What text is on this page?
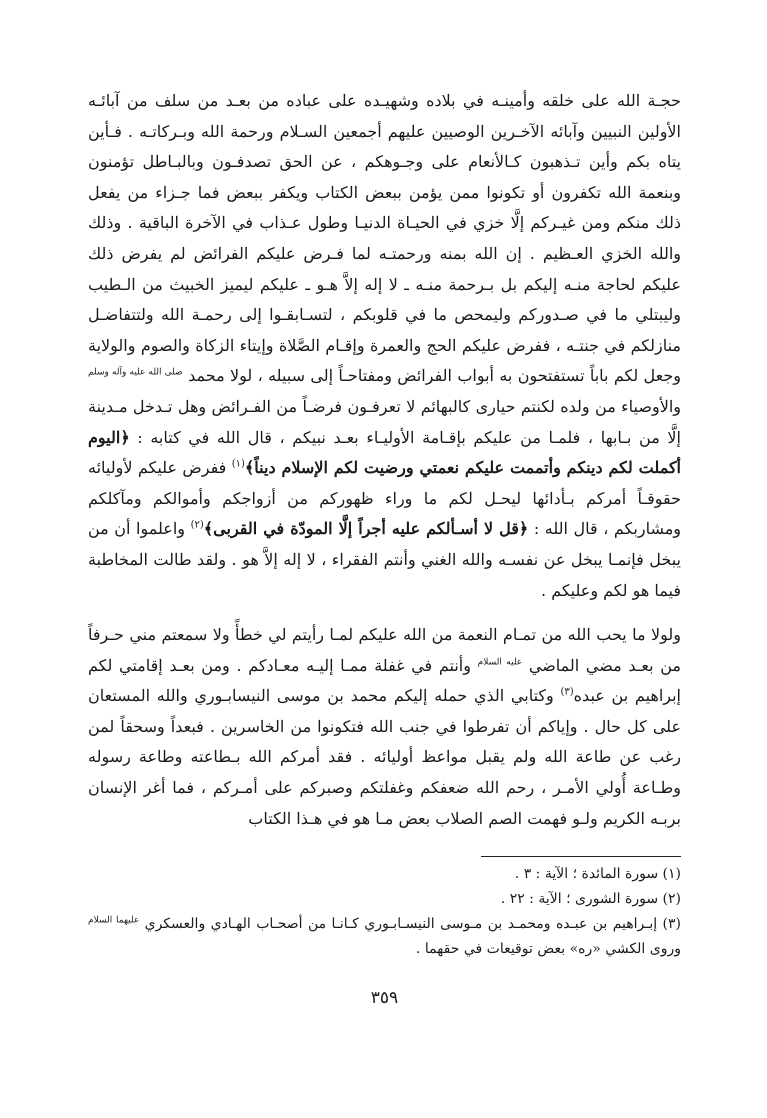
حجـة الله على خلقه وأمينـه في بلاده وشهيـده على عباده من بعـد من سلف من آبائـه الأولين النبيين وآبائه الآخـرين الوصيين عليهم أجمعين السـلام ورحمة الله وبـركاتـه . فـأين يتاه بكم وأين تـذهبون كـالأنعام على وجـوهكم ، عن الحق تصدفـون وبالبـاطل تؤمنون وبنعمة الله تكفرون أو تكونوا ممن يؤمن ببعض الكتاب ويكفر ببعض فما جـزاء من يفعل ذلك منكم ومن غيـركم إلَّا خزي في الحيـاة الدنيـا وطول عـذاب في الآخرة الباقية . وذلك والله الخزي العـظيم . إن الله بمنه ورحمتـه لما فـرض عليكم الفرائض لم يفرض ذلك عليكم لحاجة منـه إليكم بل بـرحمة منـه ـ لا إله إلاَّ هـو ـ عليكم ليميز الخبيث من الـطيب وليبتلي ما في صـدوركم وليمحص ما في قلوبكم ، لتسـابقـوا إلى رحمـة الله ولتتفاضـل منازلكم في جنتـه ، ففرض عليكم الحج والعمرة وإقـام الصَّلاة وإيتاء الزكاة والصوم والولاية وجعل لكم باباً تستفتحون به أبواب الفرائض ومفتاحـاً إلى سبيله ، لولا محمد $^{صلى الله عليه وآله وسلم}$ والأوصياء من ولده لكنتم حيارى كالبهائم لا تعرفـون فرضـاً من الفـرائض وهل تـدخل مـدينة إلَّا من بـابها ، فلمـا من عليكم بإقـامة الأوليـاء بعـد نبيكم ، قال الله في كتابه : ﴿اليوم أكملت لكم دينكم وأتممت عليكم نعمتي ورضيت لكم الإسلام ديناً﴾$^{(١)}$ ففرض عليكم لأوليائه حقوقـاً أمركم بـأدائها ليحـل لكم ما وراء ظهوركم من أزواجكم وأموالكم ومآكلكم ومشاربكم ، قال الله : ﴿قل لا أسـألكم عليه أجراً إلَّا المودّة في القربى﴾$^{(٢)}$ واعلموا أن من يبخل فإنمـا يبخل عن نفسـه والله الغني وأنتم الفقراء ، لا إله إلاَّ هو . ولقد طالت المخاطبة فيما هو لكم وعليكم .

ولولا ما يحب الله من تمـام النعمة من الله عليكم لمـا رأيتم لي خطأً ولا سمعتم مني حـرفاً من بعـد مضي الماضي $^{عليه السلام}$ وأنتم في غفلة ممـا إليـه معـادكم . ومن بعـد إقامتي لكم إبراهيم بن عبده$^{(٣)}$ وكتابي الذي حمله إليكم محمد بن موسى النيسابـوري والله المستعان على كل حال . وإياكم أن تفرطوا في جنب الله فتكونوا من الخاسرين . فبعداً وسحقاً لمن رغب عن طاعة الله ولم يقبل مواعظ أوليائه . فقد أمركم الله بـطاعته وطاعة رسوله وطـاعة أُولي الأمـر ، رحم الله ضعفكم وغفلتكم وصبركم على أمـركم ، فما أغر الإنسان بربـه الكريم ولـو فهمت الصم الصلاب بعض مـا هو في هـذا الكتاب

(١) سورة المائدة ؛ الآية : ٣ .

(٢) سورة الشورى ؛ الآية : ٢٢ .

(٣) إبـراهيم بن عبـده ومحمـد بن مـوسى النيسـابـوري كـانـا من أصحـاب الهـادي والعسكري $^{عليهما السلام}$ وروى الكشي «ره» بعض توقيعات في حقهما .

٣٥٩
